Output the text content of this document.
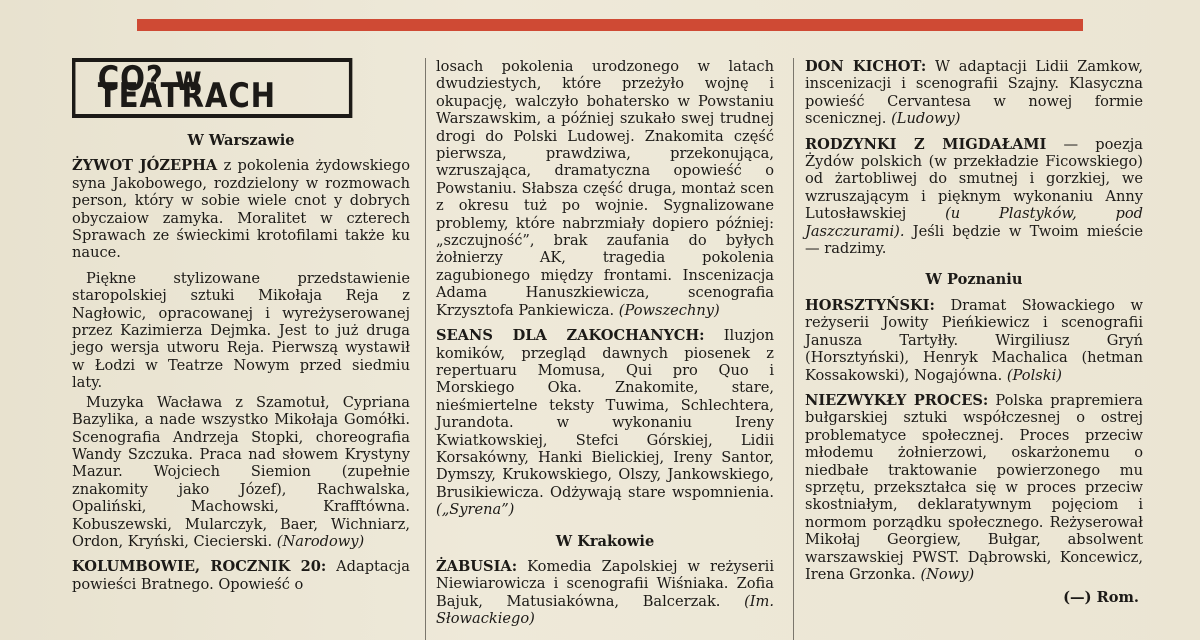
CO? w TEATRACH
W Warszawie

ŻYWOT JÓZEPHA z pokolenia żydowskiego syna Jakobowego, rozdzielony w rozmowach person, który w sobie wiele cnot y dobrych obyczaiow zamyka. Moralitet w czterech Sprawach ze świeckimi krotofilami także ku nauce.

Piękne stylizowane przedstawienie staropolskiej sztuki Mikołaja Reja z Nagłowic, opracowanej i wyreżyserowanej przez Kazimierza Dejmka. Jest to już druga jego wersja utworu Reja. Pierwszą wystawił w Łodzi w Teatrze Nowym przed siedmiu laty.

Muzyka Wacława z Szamotuł, Cypriana Bazylika, a nade wszystko Mikołaja Gomółki. Scenografia Andrzeja Stopki, choreografia Wandy Szczuka. Praca nad słowem Krystyny Mazur. Wojciech Siemion (zupełnie znakomity jako Józef), Rachwalska, Opaliński, Machowski, Krafftówna. Kobuszewski, Mularczyk, Baer, Wichniarz, Ordon, Kryński, Ciecierski. (Narodowy)

KOLUMBOWIE, ROCZNIK 20: Adaptacja powieści Bratnego. Opowieść o

losach pokolenia urodzonego w latach dwudziestych, które przeżyło wojnę i okupację, walczyło bohatersko w Powstaniu Warszawskim, a później szukało swej trudnej drogi do Polski Ludowej. Znakomita część pierwsza, prawdziwa, przekonująca, wzruszająca, dramatyczna opowieść o Powstaniu. Słabsza część druga, montaż scen z okresu tuż po wojnie. Sygnalizowane problemy, które nabrzmiały dopiero później: „szczujność”, brak zaufania do byłych żołnierzy AK, tragedia pokolenia zagubionego między frontami. Inscenizacja Adama Hanuszkiewicza, scenografia Krzysztofa Pankiewicza. (Powszechny)

SEANS DLA ZAKOCHANYCH: Iluzjon komików, przegląd dawnych piosenek z repertuaru Momusa, Qui pro Quo i Morskiego Oka. Znakomite, stare, nieśmiertelne teksty Tuwima, Schlechtera, Jurandota. w wykonaniu Ireny Kwiatkowskiej, Stefci Górskiej, Lidii Korsakówny, Hanki Bielickiej, Ireny Santor, Dymszy, Krukowskiego, Olszy, Jankowskiego, Brusikiewicza. Odżywają stare wspomnienia. („Syrena”)

W Krakowie

ŻABUSIA: Komedia Zapolskiej w reżyserii Niewiarowicza i scenografii Wiśniaka. Zofia Bajuk, Matusiakówna, Balcerzak. (Im. Słowackiego)

DON KICHOT: W adaptacji Lidii Zamkow, inscenizacji i scenografii Szajny. Klasyczna powieść Cervantesa w nowej formie scenicznej. (Ludowy)

RODZYNKI Z MIGDAŁAMI — poezja Żydów polskich (w przekładzie Ficowskiego) od żartobliwej do smutnej i gorzkiej, we wzruszającym i pięknym wykonaniu Anny Lutosławskiej	(u Plastyków, pod Jaszczurami). Jeśli będzie w Twoim mieście — radzimy.

W Poznaniu

HORSZTYŃSKI: Dramat Słowackiego w reżyserii Jowity Pieńkiewicz i scenografii Janusza Tartyłły. Wirgiliusz Gryń (Horsztyński), Henryk Machalica (hetman Kossakowski), Nogajówna. (Polski)

NIEZWYKŁY PROCES: Polska prapremiera bułgarskiej sztuki współczesnej o ostrej problematyce społecznej. Proces przeciw młodemu żołnierzowi, oskarżonemu o niedbałe traktowanie powierzonego mu sprzętu, przekształca się w proces przeciw skostniałym, deklaratywnym pojęciom i normom porządku społecznego. Reżyserował Mikołaj Georgiew, Bułgar, absolwent warszawskiej PWST. Dąbrowski, Koncewicz, Irena Grzonka. (Nowy)

(—) Rom.
